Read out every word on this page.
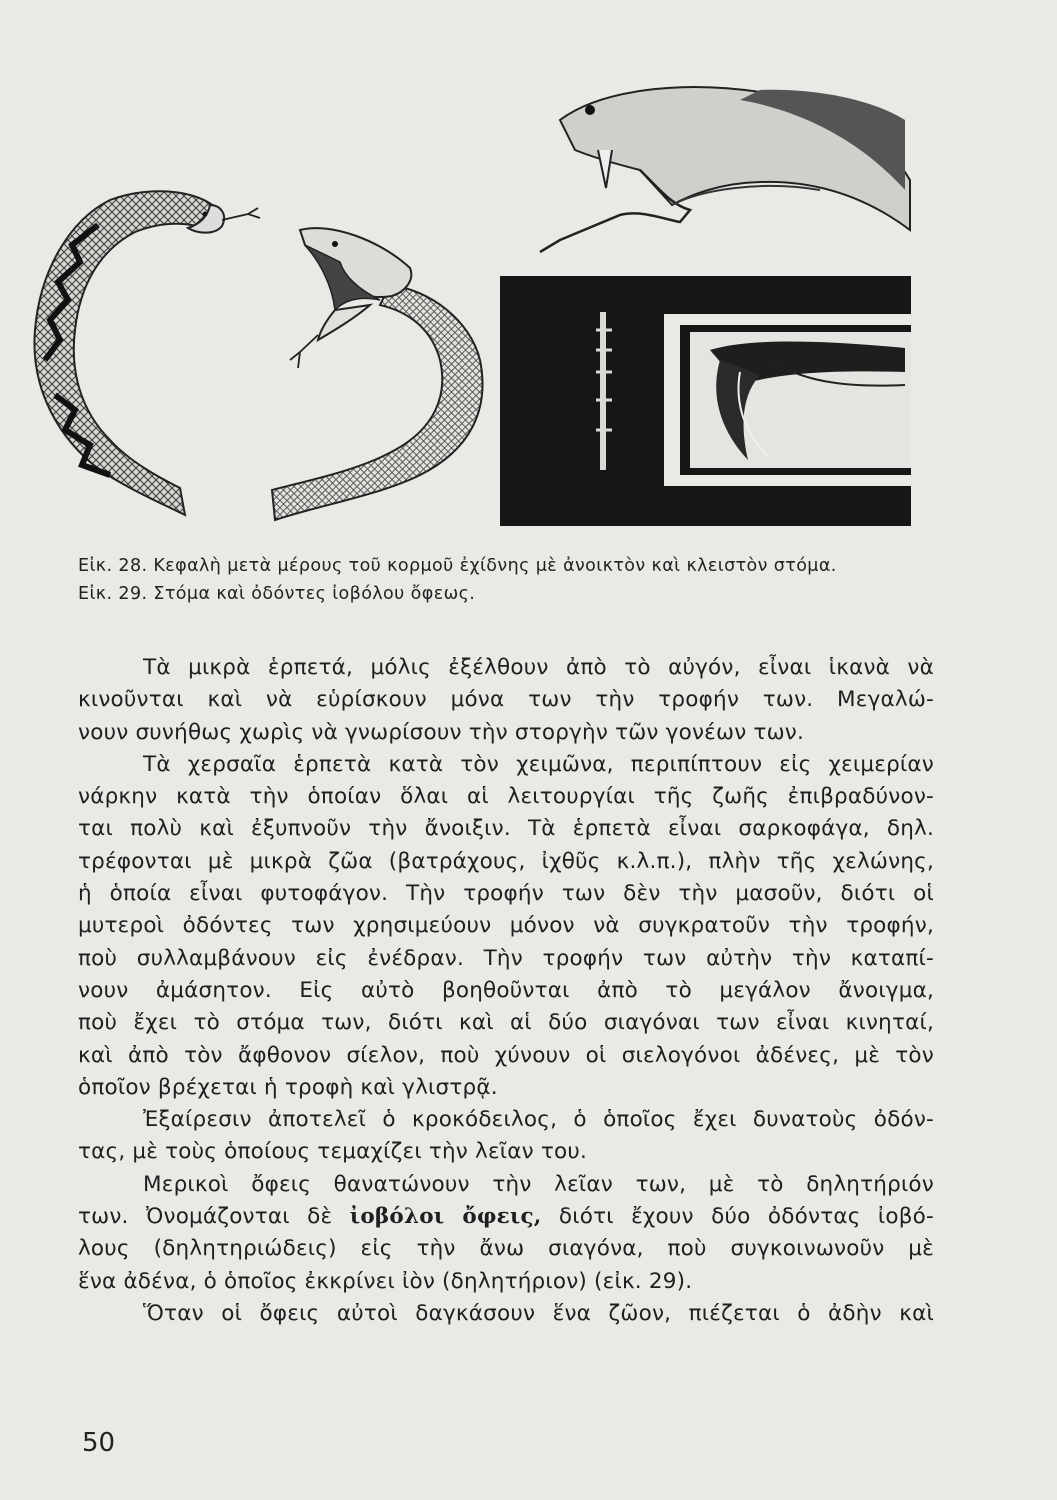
Εἰκ. 28. Κεφαλὴ μετὰ μέρους τοῦ κορμοῦ ἐχίδνης μὲ ἀνοικτὸν καὶ κλειστὸν στόμα.
Εἰκ. 29. Στόμα καὶ ὀδόντες ἰοβόλου ὄφεως.
Τὰ μικρὰ ἑρπετά, μόλις ἐξέλθουν ἀπὸ τὸ αὐγόν, εἶναι ἱκανὰ νὰ
κινοῦνται καὶ νὰ εὑρίσκουν μόνα των τὴν τροφήν των. Μεγαλώ-
νουν συνήθως χωρὶς νὰ γνωρίσουν τὴν στοργὴν τῶν γονέων των.
Τὰ χερσαῖα ἑρπετὰ κατὰ τὸν χειμῶνα, περιπίπτουν εἰς χειμερίαν
νάρκην κατὰ τὴν ὁποίαν ὅλαι αἱ λειτουργίαι τῆς ζωῆς ἐπιβραδύνον-
ται πολὺ καὶ ἐξυπνοῦν τὴν ἄνοιξιν. Τὰ ἑρπετὰ εἶναι σαρκοφάγα, δηλ.
τρέφονται μὲ μικρὰ ζῶα (βατράχους, ἰχθῦς κ.λ.π.), πλὴν τῆς χελώνης,
ἡ ὁποία εἶναι φυτοφάγον. Τὴν τροφήν των δὲν τὴν μασοῦν, διότι οἱ
μυτεροὶ ὀδόντες των χρησιμεύουν μόνον νὰ συγκρατοῦν τὴν τροφήν,
ποὺ συλλαμβάνουν εἰς ἐνέδραν. Τὴν τροφήν των αὐτὴν τὴν καταπί-
νουν ἀμάσητον. Εἰς αὐτὸ βοηθοῦνται ἀπὸ τὸ μεγάλον ἄνοιγμα,
ποὺ ἔχει τὸ στόμα των, διότι καὶ αἱ δύο σιαγόναι των εἶναι κινηταί,
καὶ ἀπὸ τὸν ἄφθονον σίελον, ποὺ χύνουν οἱ σιελογόνοι ἀδένες, μὲ τὸν
ὁποῖον βρέχεται ἡ τροφὴ καὶ γλιστρᾷ.
Ἐξαίρεσιν ἀποτελεῖ ὁ κροκόδειλος, ὁ ὁποῖος ἔχει δυνατοὺς ὀδόν-
τας, μὲ τοὺς ὁποίους τεμαχίζει τὴν λεῖαν του.
Μερικοὶ ὄφεις θανατώνουν τὴν λεῖαν των, μὲ τὸ δηλητήριόν
των. Ὀνομάζονται δὲ ἰοβόλοι ὄφεις, διότι ἔχουν δύο ὀδόντας ἰοβό-
λους (δηλητηριώδεις) εἰς τὴν ἄνω σιαγόνα, ποὺ συγκοινωνοῦν μὲ
ἕνα ἀδένα, ὁ ὁποῖος ἐκκρίνει ἰὸν (δηλητήριον) (εἰκ. 29).
Ὅταν οἱ ὄφεις αὐτοὶ δαγκάσουν ἕνα ζῶον, πιέζεται ὁ ἀδὴν καὶ
50
